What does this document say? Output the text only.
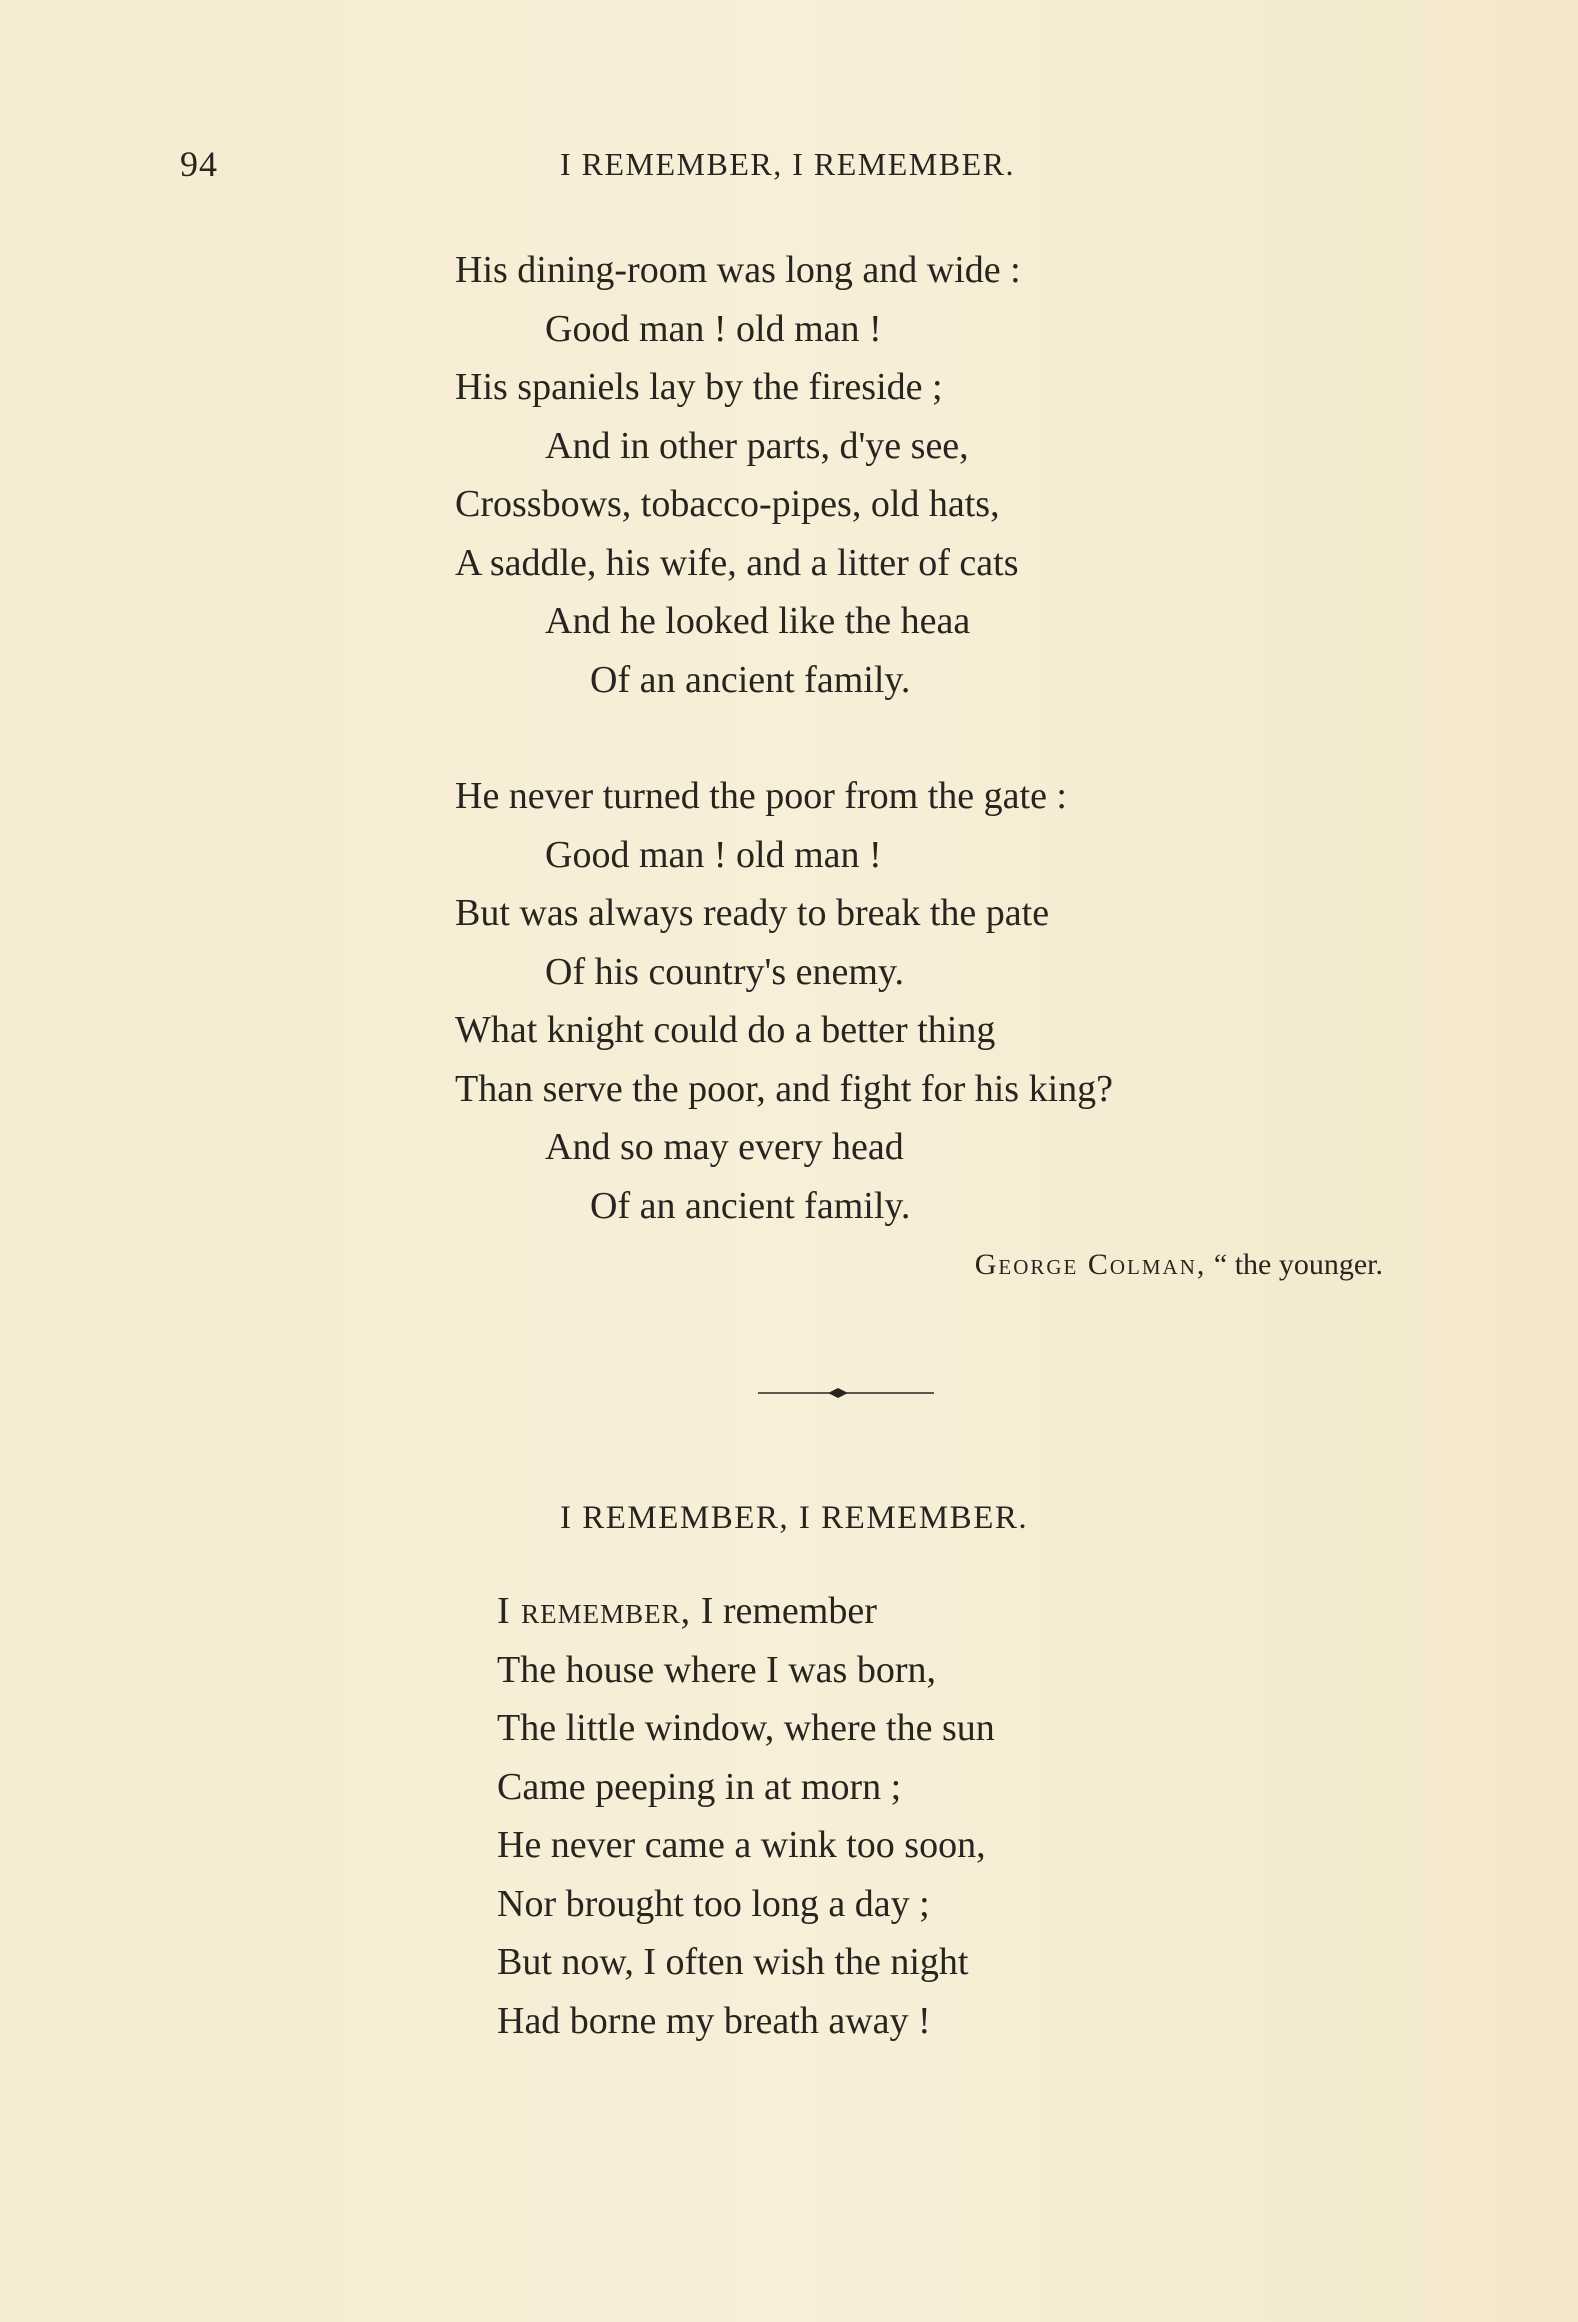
94	I REMEMBER, I REMEMBER.
His dining-room was long and wide :
Good man ! old man !
His spaniels lay by the fireside ;
And in other parts, d'ye see,
Crossbows, tobacco-pipes, old hats,
A saddle, his wife, and a litter of cats
And he looked like the heaa
Of an ancient family.
He never turned the poor from the gate :
Good man ! old man !
But was always ready to break the pate
Of his country's enemy.
What knight could do a better thing
Than serve the poor, and fight for his king?
And so may every head
Of an ancient family.
George Colman, “ the younger.
I REMEMBER, I REMEMBER.
I remember, I remember
The house where I was born,
The little window, where the sun
Came peeping in at morn ;
He never came a wink too soon,
Nor brought too long a day ;
But now, I often wish the night
Had borne my breath away !
